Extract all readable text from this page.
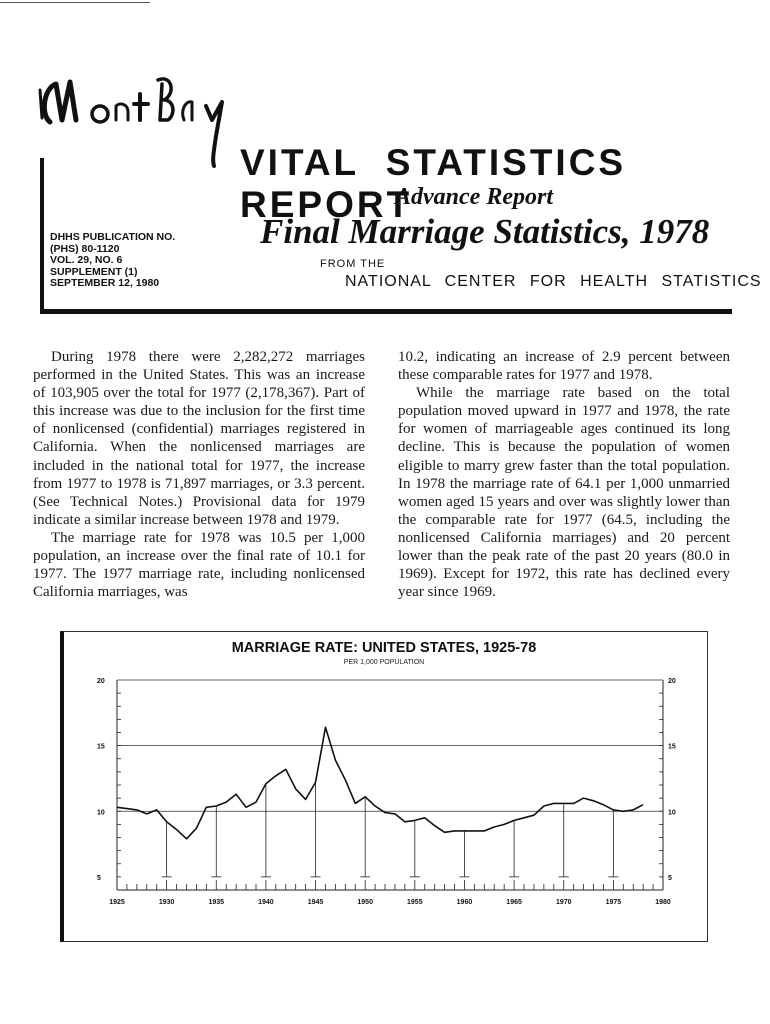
VITAL STATISTICS REPORT
Advance Report
Final Marriage Statistics, 1978
DHHS PUBLICATION NO.
(PHS) 80-1120
VOL. 29, NO. 6
SUPPLEMENT (1)
SEPTEMBER 12, 1980
FROM THE
NATIONAL CENTER FOR HEALTH STATISTICS

During 1978 there were 2,282,272 marriages performed in the United States. This was an increase of 103,905 over the total for 1977 (2,178,367). Part of this increase was due to the inclusion for the first time of nonlicensed (confidential) marriages registered in California. When the nonlicensed marriages are included in the national total for 1977, the increase from 1977 to 1978 is 71,897 marriages, or 3.3 percent. (See Technical Notes.) Provisional data for 1979 indicate a similar increase between 1978 and 1979.

The marriage rate for 1978 was 10.5 per 1,000 population, an increase over the final rate of 10.1 for 1977. The 1977 marriage rate, including nonlicensed California marriages, was

10.2, indicating an increase of 2.9 percent between these comparable rates for 1977 and 1978.

While the marriage rate based on the total population moved upward in 1977 and 1978, the rate for women of marriageable ages continued its long decline. This is because the population of women eligible to marry grew faster than the total population. In 1978 the marriage rate of 64.1 per 1,000 unmarried women aged 15 years and over was slightly lower than the comparable rate for 1977 (64.5, including the nonlicensed California marriages) and 20 percent lower than the peak rate of the past 20 years (80.0 in 1969). Except for 1972, this rate has declined every year since 1969.

MARRIAGE RATE: UNITED STATES, 1925-78
PER 1,000 POPULATION
5	5
10	10
15	15
20	20
1925	1930	1935	1940	1945	1950	1955	1960	1965	1970	1975	1980
